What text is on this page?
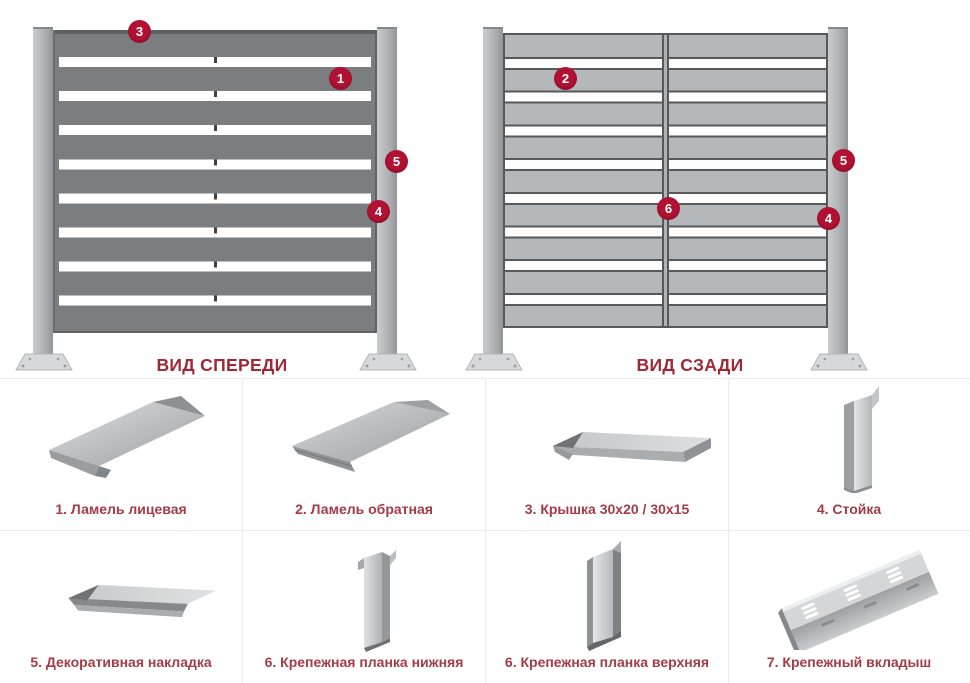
3
1
5
4
ВИД СПЕРЕДИ
2
5
6
4
ВИД СЗАДИ
1. Ламель лицевая	2. Ламель обратная	3. Крышка 30x20 / 30x15	4. Стойка
5. Декоративная накладка	6. Крепежная планка нижняя	6. Крепежная планка верхняя	7. Крепежный вкладыш
